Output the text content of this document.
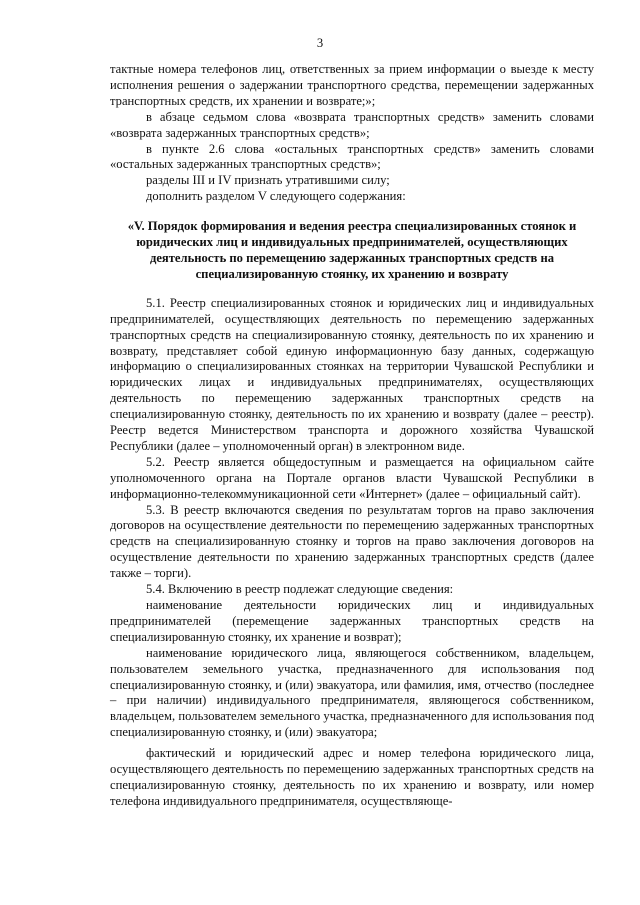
3

тактные номера телефонов лиц, ответственных за прием информации о выезде к месту исполнения решения о задержании транспортного средства, перемещении задержанных транспортных средств, их хранении и возврате;»;

в абзаце седьмом слова «возврата транспортных средств» заменить словами «возврата задержанных транспортных средств»;

в пункте 2.6 слова «остальных транспортных средств» заменить словами «остальных задержанных транспортных средств»;

разделы III и IV признать утратившими силу;

дополнить разделом V следующего содержания:

«V. Порядок формирования и ведения реестра специализированных стоянок и юридических лиц и индивидуальных предпринимателей, осуществляющих деятельность по перемещению задержанных транспортных средств на специализированную стоянку, их хранению и возврату

5.1. Реестр специализированных стоянок и юридических лиц и индивидуальных предпринимателей, осуществляющих деятельность по перемещению задержанных транспортных средств на специализированную стоянку, деятельность по их хранению и возврату, представляет собой единую информационную базу данных, содержащую информацию о специализированных стоянках на территории Чувашской Республики и юридических лицах и индивидуальных предпринимателях, осуществляющих деятельность по перемещению задержанных транспортных средств на специализированную стоянку, деятельность по их хранению и возврату (далее – реестр). Реестр ведется Министерством транспорта и дорожного хозяйства Чувашской Республики (далее – уполномоченный орган) в электронном виде.

5.2. Реестр является общедоступным и размещается на официальном сайте уполномоченного органа на Портале органов власти Чувашской Республики в информационно-телекоммуникационной сети «Интернет» (далее – официальный сайт).

5.3. В реестр включаются сведения по результатам торгов на право заключения договоров на осуществление деятельности по перемещению задержанных транспортных средств на специализированную стоянку и торгов на право заключения договоров на осуществление деятельности по хранению задержанных транспортных средств (далее также – торги).

5.4. Включению в реестр подлежат следующие сведения:

наименование деятельности юридических лиц и индивидуальных предпринимателей (перемещение задержанных транспортных средств на специализированную стоянку, их хранение и возврат);

наименование юридического лица, являющегося собственником, владельцем, пользователем земельного участка, предназначенного для использования под специализированную стоянку, и (или) эвакуатора, или фамилия, имя, отчество (последнее – при наличии) индивидуального предпринимателя, являющегося собственником, владельцем, пользователем земельного участка, предназначенного для использования под специализированную стоянку, и (или) эвакуатора;

фактический и юридический адрес и номер телефона юридического лица, осуществляющего деятельность по перемещению задержанных транспортных средств на специализированную стоянку, деятельность по их хранению и возврату, или номер телефона индивидуального предпринимателя, осуществляюще-
